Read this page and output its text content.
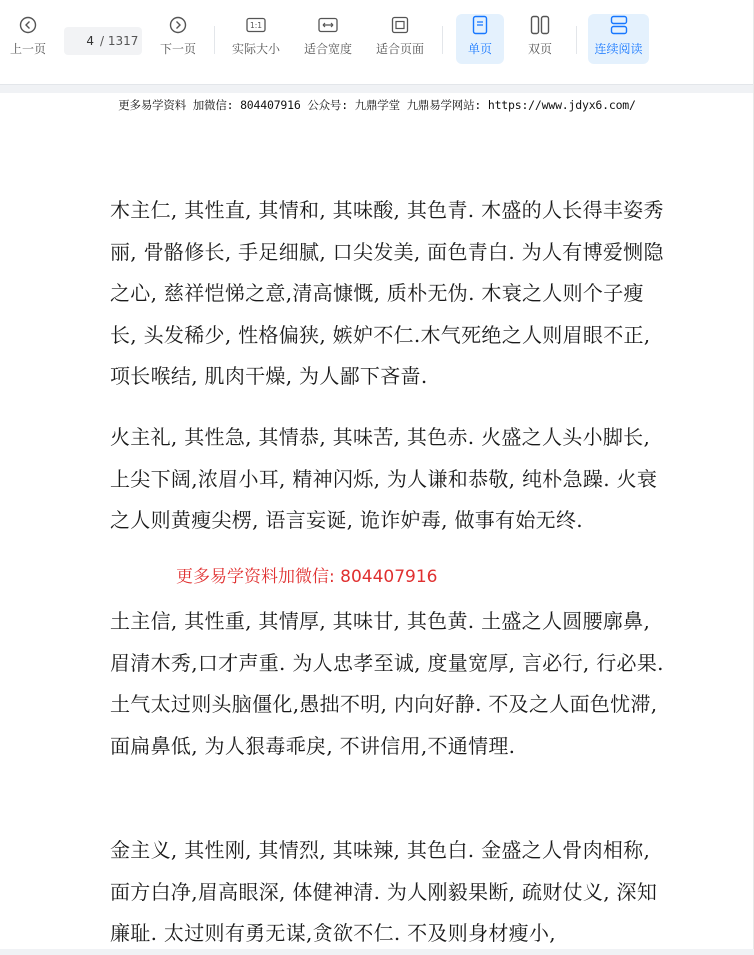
上一页
4 / 1317
下一页
1:1
实际大小 适合宽度 适合页面	单页	双页	连续阅读
更多易学资料 加微信: 804407916 公众号: 九鼎学堂 九鼎易学网站: https://www.jdyx6.com/
木主仁, 其性直, 其情和, 其味酸, 其色青. 木盛的人长得丰姿秀丽, 骨骼修长, 手足细腻, 口尖发美, 面色青白. 为人有博爱恻隐之心, 慈祥恺悌之意,清高慷慨, 质朴无伪. 木衰之人则个子瘦长, 头发稀少, 性格偏狭, 嫉妒不仁.木气死绝之人则眉眼不正, 项长喉结, 肌肉干燥, 为人鄙下吝啬.
火主礼, 其性急, 其情恭, 其味苦, 其色赤. 火盛之人头小脚长, 上尖下阔,浓眉小耳, 精神闪烁, 为人谦和恭敬, 纯朴急躁. 火衰之人则黄瘦尖楞, 语言妄诞, 诡诈妒毒, 做事有始无终.
土主信, 其性重, 其情厚, 其味甘, 其色黄. 土盛之人圆腰廓鼻, 眉清木秀,口才声重. 为人忠孝至诚, 度量宽厚, 言必行, 行必果. 土气太过则头脑僵化,愚拙不明, 内向好静. 不及之人面色忧滞, 面扁鼻低, 为人狠毒乖戾, 不讲信用,不通情理.
金主义, 其性刚, 其情烈, 其味辣, 其色白. 金盛之人骨肉相称, 面方白净,眉高眼深, 体健神清. 为人刚毅果断, 疏财仗义, 深知廉耻. 太过则有勇无谋,贪欲不仁. 不及则身材瘦小,
更多易学资料加微信: 804407916
